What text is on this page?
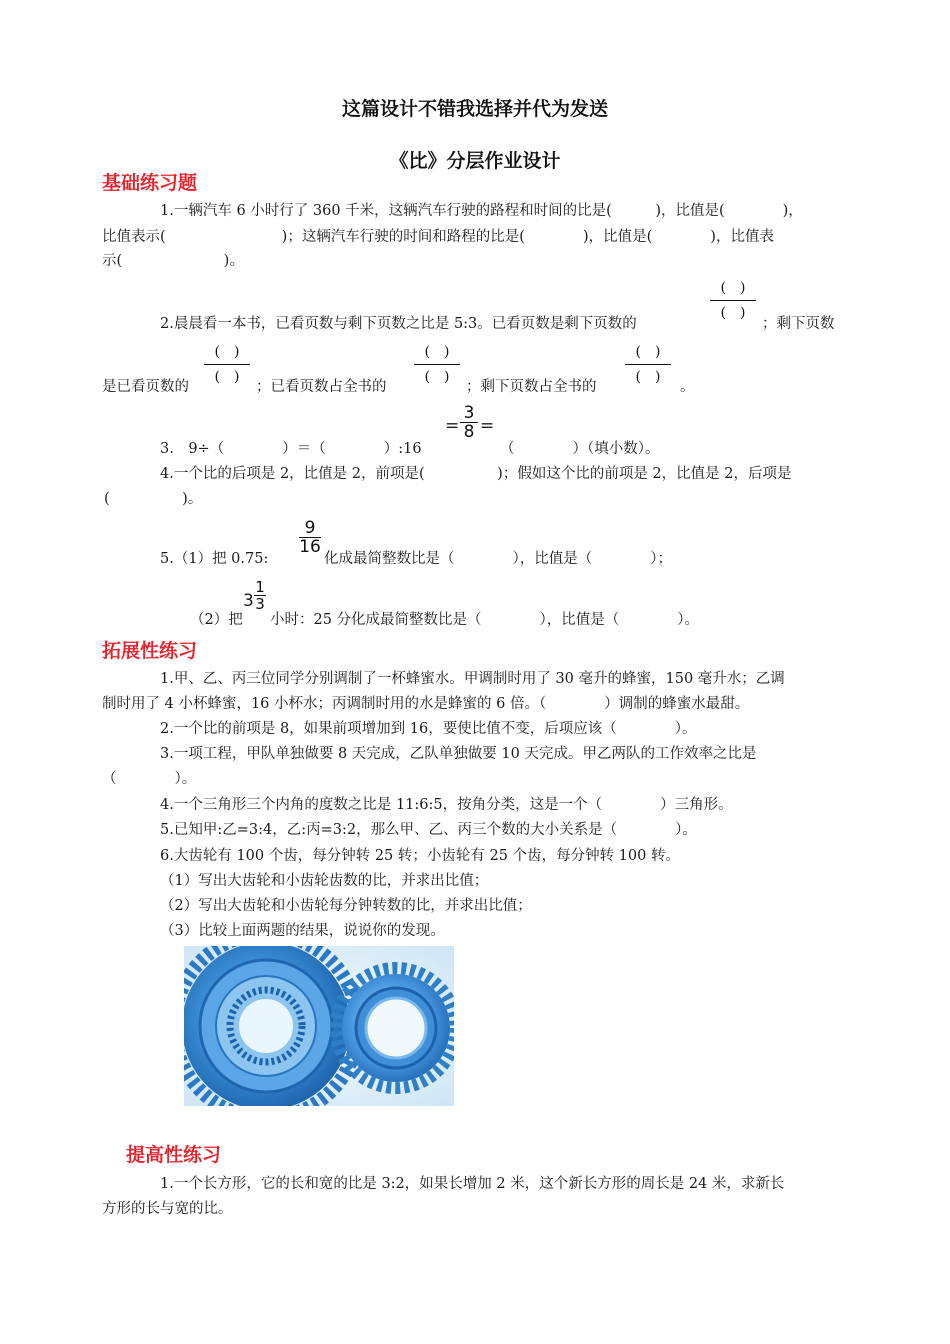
这篇设计不错我选择并代为发送
《比》分层作业设计
基础练习题
1.一辆汽车 6 小时行了 360 千米，这辆汽车行驶的路程和时间的比是(　　　)，比值是(　　　　)，
比值表示(　　　　　　　　)；这辆汽车行驶的时间和路程的比是(　　　　)，比值是(　　　　)，比值表
示(　　　　　　　)。
2.晨晨看一本书，已看页数与剩下页数之比是 5:3。已看页数是剩下页数的
(　)
(　)
；剩下页数
是已看页数的
(　)
(　)
；已看页数占全书的
(　)
(　)
；剩下页数占全书的
(　)
(　)
。
3.　9÷（　　　　）＝（　　　　）:16
=
3
8 =
（　　　　）（填小数）。
4.一个比的后项是 2，比值是 2，前项是(　　　　　)；假如这个比的前项是 2，比值是 2，后项是
(　　　　　)。
5.（1）把 0.75:
9
16
化成最简整数比是（　　　　），比值是（　　　　）；
（2）把
3
1
3
小时：25 分化成最简整数比是（　　　　），比值是（　　　　）。
拓展性练习
1.甲、乙、丙三位同学分别调制了一杯蜂蜜水。甲调制时用了 30 毫升的蜂蜜，150 毫升水；乙调
制时用了 4 小杯蜂蜜，16 小杯水；丙调制时用的水是蜂蜜的 6 倍。（　　　　）调制的蜂蜜水最甜。
2.一个比的前项是 8，如果前项增加到 16，要使比值不变，后项应该（　　　　）。
3.一项工程，甲队单独做要 8 天完成，乙队单独做要 10 天完成。甲乙两队的工作效率之比是
（　　　　）。
4.一个三角形三个内角的度数之比是 11:6:5，按角分类，这是一个（　　　　）三角形。
5.已知甲:乙=3:4，乙:丙=3:2，那么甲、乙、丙三个数的大小关系是（　　　　）。
6.大齿轮有 100 个齿，每分钟转 25 转；小齿轮有 25 个齿，每分钟转 100 转。
（1）写出大齿轮和小齿轮齿数的比，并求出比值；
（2）写出大齿轮和小齿轮每分钟转数的比，并求出比值；
（3）比较上面两题的结果，说说你的发现。
提高性练习
1.一个长方形，它的长和宽的比是 3:2，如果长增加 2 米，这个新长方形的周长是 24 米，求新长
方形的长与宽的比。
